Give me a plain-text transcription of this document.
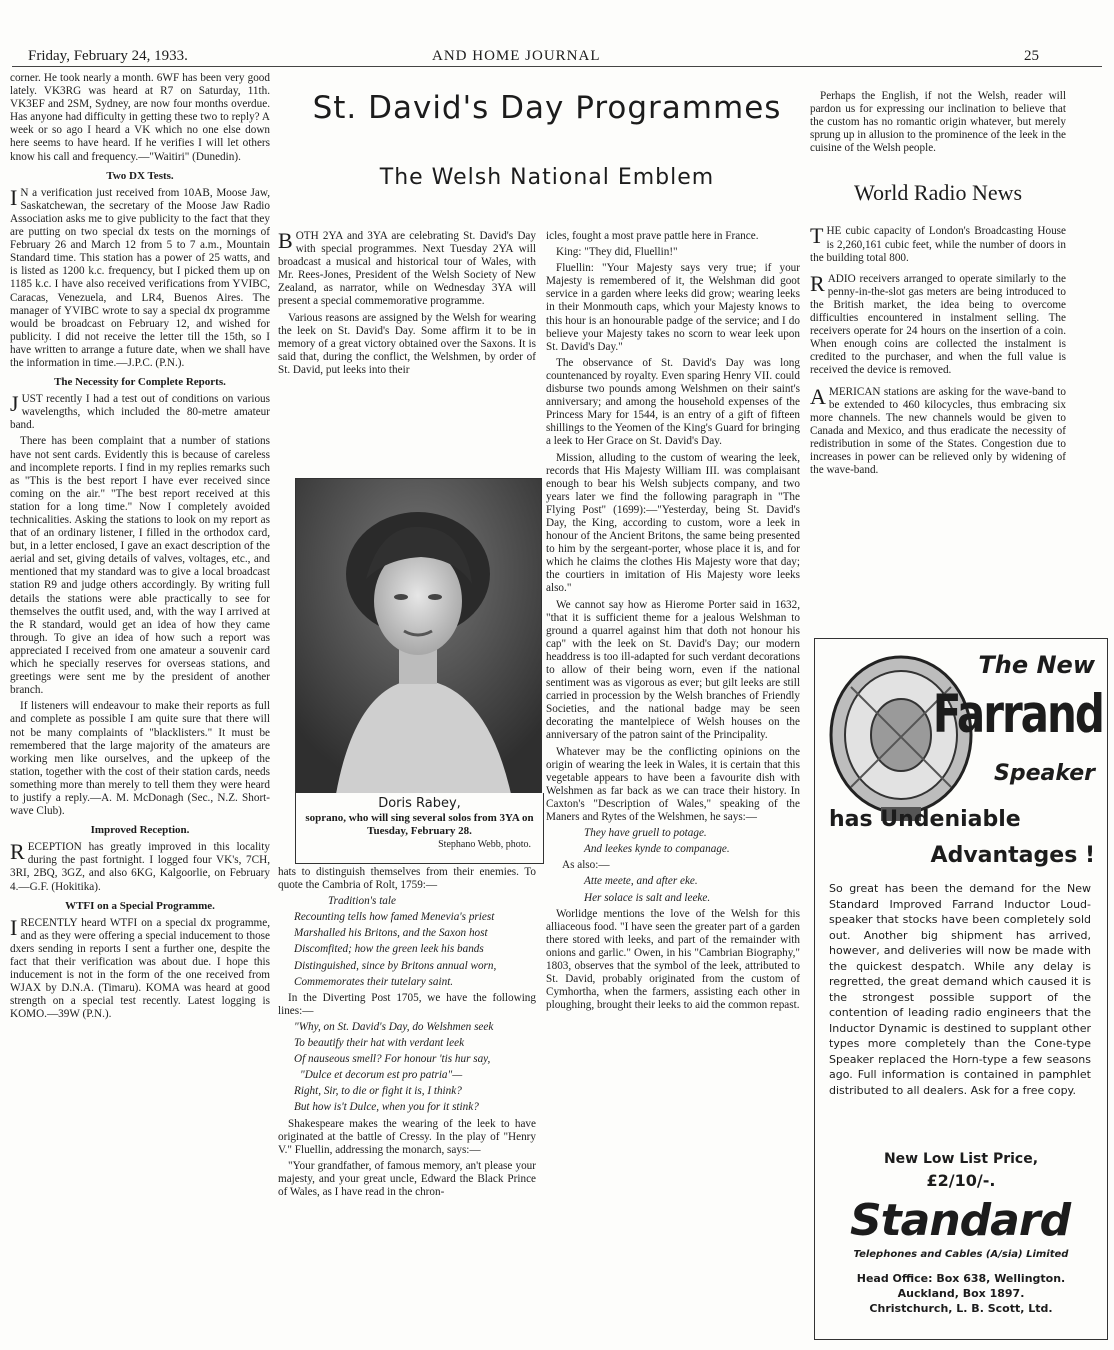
Friday, February 24, 1933.	AND HOME JOURNAL	25

corner. He took nearly a month. 6WF has been very good lately. VK3RG was heard at R7 on Saturday, 11th. VK3EF and 2SM, Sydney, are now four months overdue. Has anyone had difficulty in getting these two to reply? A week or so ago I heard a VK which no one else down here seems to have heard. If he verifies I will let others know his call and frequency.—"Waitiri" (Dunedin).

Two DX Tests.

I N a verification just received from 10AB, Moose Jaw, Saskatchewan, the secretary of the Moose Jaw Radio Association asks me to give publicity to the fact that they are putting on two special dx tests on the mornings of February 26 and March 12 from 5 to 7 a.m., Mountain Standard time. This station has a power of 25 watts, and is listed as 1200 k.c. frequency, but I picked them up on 1185 k.c. I have also received verifications from YVIBC, Caracas, Venezuela, and LR4, Buenos Aires. The manager of YVIBC wrote to say a special dx programme would be broadcast on February 12, and wished for publicity. I did not receive the letter till the 15th, so I have written to arrange a future date, when we shall have the information in time.—J.P.C. (P.N.).

The Necessity for Complete Reports.

JUST recently I had a test out of conditions on various wavelengths, which included the 80-metre amateur band.

There has been complaint that a number of stations have not sent cards. Evidently this is because of careless and incomplete reports. I find in my replies remarks such as "This is the best report I have ever received since coming on the air." "The best report received at this station for a long time." Now I completely avoided technicalities. Asking the stations to look on my report as that of an ordinary listener, I filled in the orthodox card, but, in a letter enclosed, I gave an exact description of the aerial and set, giving details of valves, voltages, etc., and mentioned that my standard was to give a local broadcast station R9 and judge others accordingly. By writing full details the stations were able practically to see for themselves the outfit used, and, with the way I arrived at the R standard, would get an idea of how they came through. To give an idea of how such a report was appreciated I received from one amateur a souvenir card which he specially reserves for overseas stations, and greetings were sent me by the president of another branch.

If listeners will endeavour to make their reports as full and complete as possible I am quite sure that there will not be many complaints of "blacklisters." It must be remembered that the large majority of the amateurs are working men like ourselves, and the upkeep of the station, together with the cost of their station cards, needs something more than merely to tell them they were heard to justify a reply.—A. M. McDonagh (Sec., N.Z. Short-wave Club).

Improved Reception.

RECEPTION has greatly improved in this locality during the past fortnight. I logged four VK's, 7CH, 3RI, 2BQ, 3GZ, and also 6KG, Kalgoorlie, on February 4.—G.F. (Hokitika).

WTFI on a Special Programme.

IRECENTLY heard WTFI on a special dx programme, and as they were offering a special inducement to those dxers sending in reports I sent a further one, despite the fact that their verification was about due. I hope this inducement is not in the form of the one received from WJAX by D.N.A. (Timaru). KOMA was heard at good strength on a special test recently. Latest logging is KOMO.—39W (P.N.).

St. David's Day Programmes
The Welsh National Emblem

BOTH 2YA and 3YA are celebrating St. David's Day with special programmes. Next Tuesday 2YA will broadcast a musical and historical tour of Wales, with Mr. Rees-Jones, President of the Welsh Society of New Zealand, as narrator, while on Wednesday 3YA will present a special commemorative programme.

Various reasons are assigned by the Welsh for wearing the leek on St. David's Day. Some affirm it to be in memory of a great victory obtained over the Saxons. It is said that, during the conflict, the Welshmen, by order of St. David, put leeks into their

Doris Rabey,
soprano, who will sing several solos from 3YA on Tuesday, February 28.
Stephano Webb, photo.

hats to distinguish themselves from their enemies. To quote the Cambria of Rolt, 1759:—

Tradition's tale

Recounting tells how famed Menevia's priest

Marshalled his Britons, and the Saxon host

Discomfited; how the green leek his bands

Distinguished, since by Britons annual worn,

Commemorates their tutelary saint.

In the Diverting Post 1705, we have the following lines:—

"Why, on St. David's Day, do Welshmen seek

To beautify their hat with verdant leek

Of nauseous smell? For honour 'tis hur say,

"Dulce et decorum est pro patria"—

Right, Sir, to die or fight it is, I think?

But how is't Dulce, when you for it stink?

Shakespeare makes the wearing of the leek to have originated at the battle of Cressy. In the play of "Henry V." Fluellin, addressing the monarch, says:—

"Your grandfather, of famous memory, an't please your majesty, and your great uncle, Edward the Black Prince of Wales, as I have read in the chron-

icles, fought a most prave pattle here in France.

King: "They did, Fluellin!"

Fluellin: "Your Majesty says very true; if your Majesty is remembered of it, the Welshman did goot service in a garden where leeks did grow; wearing leeks in their Monmouth caps, which your Majesty knows to this hour is an honourable padge of the service; and I do believe your Majesty takes no scorn to wear leek upon St. David's Day."

The observance of St. David's Day was long countenanced by royalty. Even sparing Henry VII. could disburse two pounds among Welshmen on their saint's anniversary; and among the household expenses of the Princess Mary for 1544, is an entry of a gift of fifteen shillings to the Yeomen of the King's Guard for bringing a leek to Her Grace on St. David's Day.

Mission, alluding to the custom of wearing the leek, records that His Majesty William III. was complaisant enough to bear his Welsh subjects company, and two years later we find the following paragraph in "The Flying Post" (1699):—"Yesterday, being St. David's Day, the King, according to custom, wore a leek in honour of the Ancient Britons, the same being presented to him by the sergeant-porter, whose place it is, and for which he claims the clothes His Majesty wore that day; the courtiers in imitation of His Majesty wore leeks also."

We cannot say how as Hierome Porter said in 1632, "that it is sufficient theme for a jealous Welshman to ground a quarrel against him that doth not honour his cap" with the leek on St. David's Day; our modern headdress is too ill-adapted for such verdant decorations to allow of their being worn, even if the national sentiment was as vigorous as ever; but gilt leeks are still carried in procession by the Welsh branches of Friendly Societies, and the national badge may be seen decorating the mantelpiece of Welsh houses on the anniversary of the patron saint of the Principality.

Whatever may be the conflicting opinions on the origin of wearing the leek in Wales, it is certain that this vegetable appears to have been a favourite dish with Welshmen as far back as we can trace their history. In Caxton's "Description of Wales," speaking of the Maners and Rytes of the Welshmen, he says:—

They have gruell to potage.

And leekes kynde to companage.

As also:—

Atte meete, and after eke.

Her solace is salt and leeke.

Worlidge mentions the love of the Welsh for this alliaceous food. "I have seen the greater part of a garden there stored with leeks, and part of the remainder with onions and garlic." Owen, in his "Cambrian Biography," 1803, observes that the symbol of the leek, attributed to St. David, probably originated from the custom of Cymhortha, when the farmers, assisting each other in ploughing, brought their leeks to aid the common repast.

Perhaps the English, if not the Welsh, reader will pardon us for expressing our inclination to believe that the custom has no romantic origin whatever, but merely sprung up in allusion to the prominence of the leek in the cuisine of the Welsh people.

World Radio News

THE cubic capacity of London's Broadcasting House is 2,260,161 cubic feet, while the number of doors in the building total 800.

RADIO receivers arranged to operate similarly to the penny-in-the-slot gas meters are being introduced to the British market, the idea being to overcome difficulties encountered in instalment selling. The receivers operate for 24 hours on the insertion of a coin. When enough coins are collected the instalment is credited to the purchaser, and when the full value is received the device is removed.

AMERICAN stations are asking for the wave-band to be extended to 460 kilocycles, thus embracing six more channels. The new channels would be given to Canada and Mexico, and thus eradicate the necessity of redistribution in some of the States. Congestion due to increases in power can be relieved only by widening of the wave-band.

The New
Farrand
Speaker
has Undeniable
Advantages !
So great has been the demand for the New Standard Improved Farrand Inductor Loud-speaker that stocks have been completely sold out. Another big shipment has arrived, however, and deliveries will now be made with the quickest despatch. While any delay is regretted, the great demand which caused it is the strongest possible support of the contention of leading radio engineers that the Inductor Dynamic is destined to supplant other types more completely than the Cone-type Speaker replaced the Horn-type a few seasons ago. Full information is contained in pamphlet distributed to all dealers. Ask for a free copy.
New Low List Price,
£2/10/-.
Standard
Telephones and Cables (A/sia) Limited
Head Office: Box 638, Wellington.
Auckland, Box 1897.
Christchurch, L. B. Scott, Ltd.
